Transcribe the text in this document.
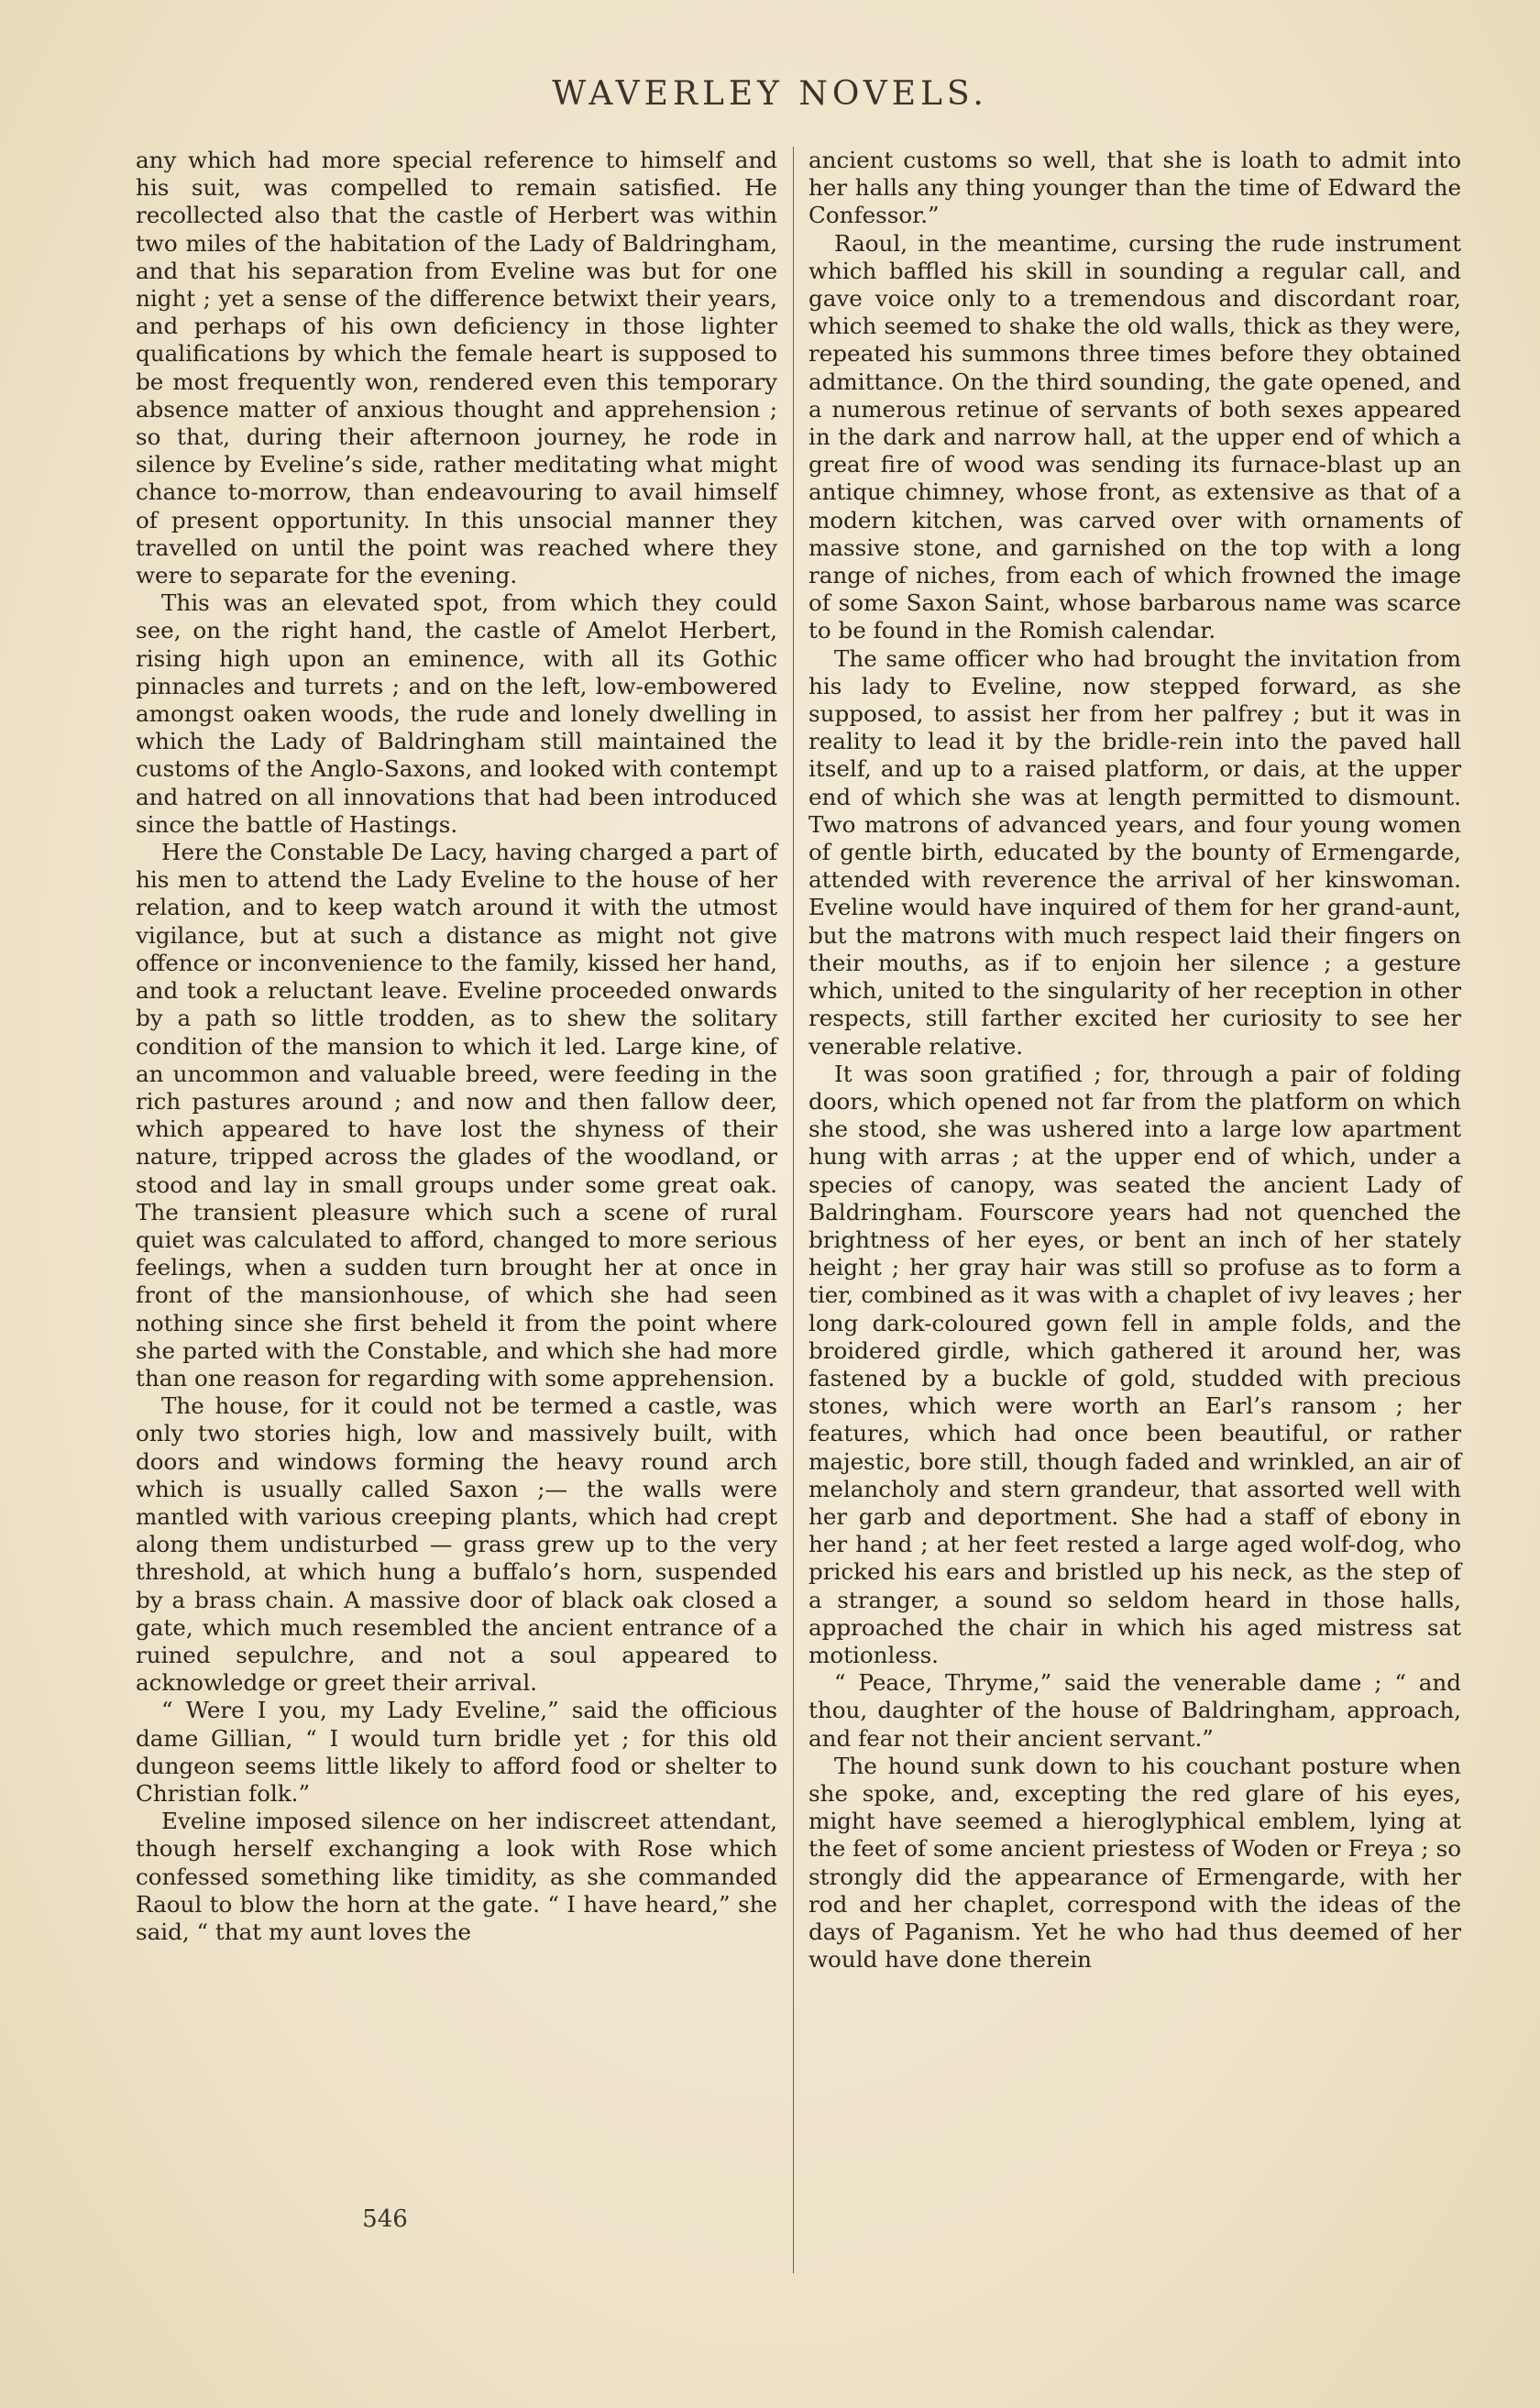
WAVERLEY NOVELS.

any which had more special reference to himself and his suit, was compelled to remain satisfied. He recollected also that the castle of Herbert was within two miles of the habitation of the Lady of Baldringham, and that his separation from Eveline was but for one night ; yet a sense of the difference betwixt their years, and perhaps of his own deficiency in those lighter qualifications by which the female heart is supposed to be most frequently won, rendered even this temporary absence matter of anxious thought and apprehension ; so that, during their afternoon journey, he rode in silence by Eveline’s side, rather meditating what might chance to-morrow, than endeavouring to avail himself of present opportunity. In this unsocial manner they travelled on until the point was reached where they were to separate for the evening.

This was an elevated spot, from which they could see, on the right hand, the castle of Amelot Herbert, rising high upon an eminence, with all its Gothic pinnacles and turrets ; and on the left, low-embowered amongst oaken woods, the rude and lonely dwelling in which the Lady of Baldringham still maintained the customs of the Anglo-Saxons, and looked with contempt and hatred on all innovations that had been introduced since the battle of Hastings.

Here the Constable De Lacy, having charged a part of his men to attend the Lady Eveline to the house of her relation, and to keep watch around it with the utmost vigilance, but at such a distance as might not give offence or inconvenience to the family, kissed her hand, and took a reluctant leave. Eveline proceeded onwards by a path so little trodden, as to shew the solitary condition of the mansion to which it led. Large kine, of an uncommon and valuable breed, were feeding in the rich pastures around ; and now and then fallow deer, which appeared to have lost the shyness of their nature, tripped across the glades of the woodland, or stood and lay in small groups under some great oak. The transient pleasure which such a scene of rural quiet was calculated to afford, changed to more serious feelings, when a sudden turn brought her at once in front of the mansionhouse, of which she had seen nothing since she first beheld it from the point where she parted with the Constable, and which she had more than one reason for regarding with some apprehension.

The house, for it could not be termed a castle, was only two stories high, low and massively built, with doors and windows forming the heavy round arch which is usually called Saxon ;— the walls were mantled with various creeping plants, which had crept along them undisturbed — grass grew up to the very threshold, at which hung a buffalo’s horn, suspended by a brass chain. A massive door of black oak closed a gate, which much resembled the ancient entrance of a ruined sepulchre, and not a soul appeared to acknowledge or greet their arrival.

“ Were I you, my Lady Eveline,” said the officious dame Gillian, “ I would turn bridle yet ; for this old dungeon seems little likely to afford food or shelter to Christian folk.”

Eveline imposed silence on her indiscreet attendant, though herself exchanging a look with Rose which confessed something like timidity, as she commanded Raoul to blow the horn at the gate. “ I have heard,” she said, “ that my aunt loves the

ancient customs so well, that she is loath to admit into her halls any thing younger than the time of Edward the Confessor.”

Raoul, in the meantime, cursing the rude instrument which baffled his skill in sounding a regular call, and gave voice only to a tremendous and discordant roar, which seemed to shake the old walls, thick as they were, repeated his summons three times before they obtained admittance. On the third sounding, the gate opened, and a numerous retinue of servants of both sexes appeared in the dark and narrow hall, at the upper end of which a great fire of wood was sending its furnace-blast up an antique chimney, whose front, as extensive as that of a modern kitchen, was carved over with ornaments of massive stone, and garnished on the top with a long range of niches, from each of which frowned the image of some Saxon Saint, whose barbarous name was scarce to be found in the Romish calendar.

The same officer who had brought the invitation from his lady to Eveline, now stepped forward, as she supposed, to assist her from her palfrey ; but it was in reality to lead it by the bridle-rein into the paved hall itself, and up to a raised platform, or dais, at the upper end of which she was at length permitted to dismount. Two matrons of advanced years, and four young women of gentle birth, educated by the bounty of Ermengarde, attended with reverence the arrival of her kinswoman. Eveline would have inquired of them for her grand-aunt, but the matrons with much respect laid their fingers on their mouths, as if to enjoin her silence ; a gesture which, united to the singularity of her reception in other respects, still farther excited her curiosity to see her venerable relative.

It was soon gratified ; for, through a pair of folding doors, which opened not far from the platform on which she stood, she was ushered into a large low apartment hung with arras ; at the upper end of which, under a species of canopy, was seated the ancient Lady of Baldringham. Fourscore years had not quenched the brightness of her eyes, or bent an inch of her stately height ; her gray hair was still so profuse as to form a tier, combined as it was with a chaplet of ivy leaves ; her long dark-coloured gown fell in ample folds, and the broidered girdle, which gathered it around her, was fastened by a buckle of gold, studded with precious stones, which were worth an Earl’s ransom ; her features, which had once been beautiful, or rather majestic, bore still, though faded and wrinkled, an air of melancholy and stern grandeur, that assorted well with her garb and deportment. She had a staff of ebony in her hand ; at her feet rested a large aged wolf-dog, who pricked his ears and bristled up his neck, as the step of a stranger, a sound so seldom heard in those halls, approached the chair in which his aged mistress sat motionless.

“ Peace, Thryme,” said the venerable dame ; “ and thou, daughter of the house of Baldringham, approach, and fear not their ancient servant.”

The hound sunk down to his couchant posture when she spoke, and, excepting the red glare of his eyes, might have seemed a hieroglyphical emblem, lying at the feet of some ancient priestess of Woden or Freya ; so strongly did the appearance of Ermengarde, with her rod and her chaplet, correspond with the ideas of the days of Paganism. Yet he who had thus deemed of her would have done therein

546
